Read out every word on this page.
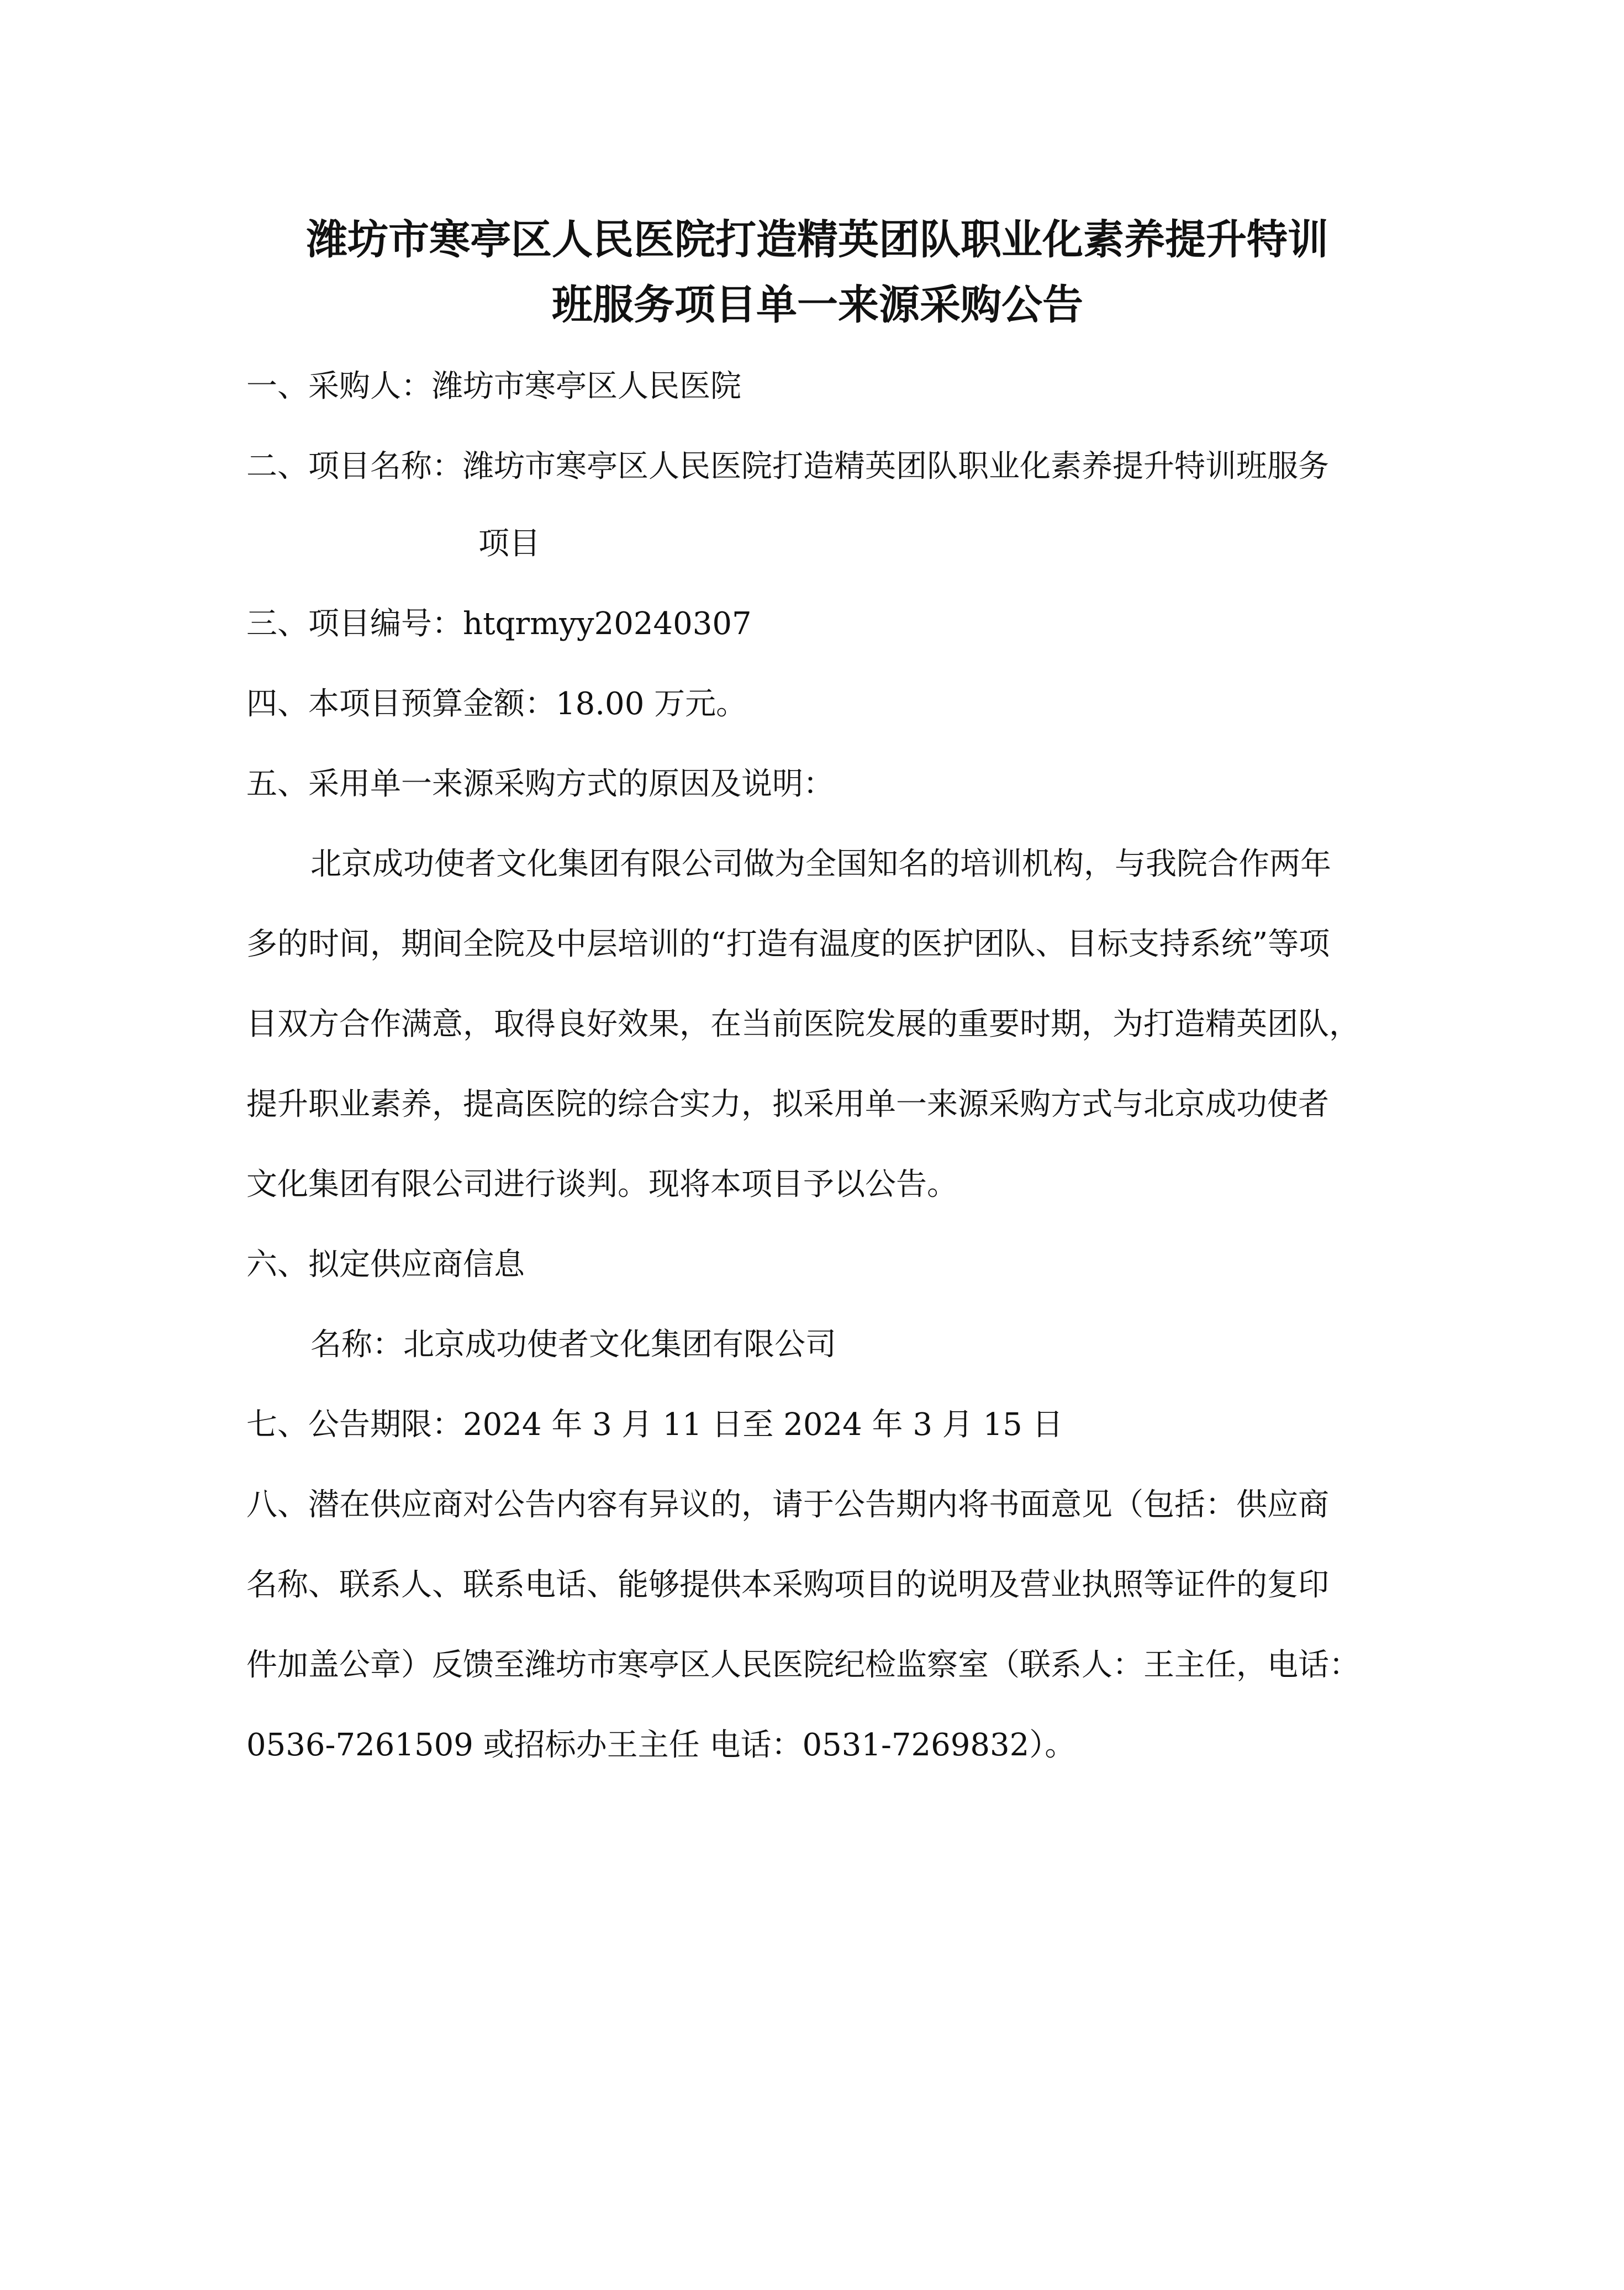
潍坊市寒亭区人民医院打造精英团队职业化素养提升特训
班服务项目单一来源采购公告
一、采购人：潍坊市寒亭区人民医院
二、项目名称：潍坊市寒亭区人民医院打造精英团队职业化素养提升特训班服务
项目
三、项目编号：htqrmyy20240307
四、本项目预算金额：18.00 万元。
五、采用单一来源采购方式的原因及说明：
北京成功使者文化集团有限公司做为全国知名的培训机构，与我院合作两年
多的时间，期间全院及中层培训的“打造有温度的医护团队、目标支持系统”等项
目双方合作满意，取得良好效果，在当前医院发展的重要时期，为打造精英团队，
提升职业素养，提高医院的综合实力，拟采用单一来源采购方式与北京成功使者
文化集团有限公司进行谈判。现将本项目予以公告。
六、拟定供应商信息
名称：北京成功使者文化集团有限公司
七、公告期限：2024 年 3 月 11 日至 2024 年 3 月 15 日
八、潜在供应商对公告内容有异议的，请于公告期内将书面意见（包括：供应商
名称、联系人、联系电话、能够提供本采购项目的说明及营业执照等证件的复印
件加盖公章）反馈至潍坊市寒亭区人民医院纪检监察室（联系人：王主任，电话：
0536-7261509 或招标办王主任 电话：0531-7269832）。
